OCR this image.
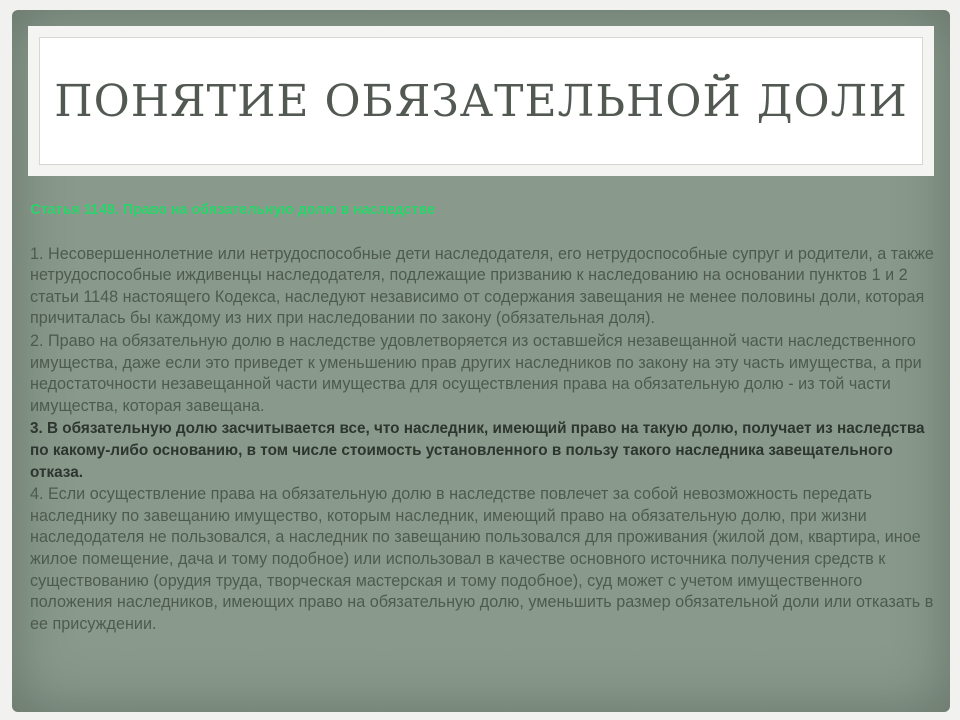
ПОНЯТИЕ ОБЯЗАТЕЛЬНОЙ ДОЛИ
Статья 1149. Право на обязательную долю в наследстве

1. Несовершеннолетние или нетрудоспособные дети наследодателя, его нетрудоспособные супруг и родители, а также нетрудоспособные иждивенцы наследодателя, подлежащие призванию к наследованию на основании пунктов 1 и 2 статьи 1148 настоящего Кодекса, наследуют независимо от содержания завещания не менее половины доли, которая причиталась бы каждому из них при наследовании по закону (обязательная доля).

2. Право на обязательную долю в наследстве удовлетворяется из оставшейся незавещанной части наследственного имущества, даже если это приведет к уменьшению прав других наследников по закону на эту часть имущества, а при недостаточности незавещанной части имущества для осуществления права на обязательную долю - из той части имущества, которая завещана.

3. В обязательную долю засчитывается все, что наследник, имеющий право на такую долю, получает из наследства по какому-либо основанию, в том числе стоимость установленного в пользу такого наследника завещательного отказа.

4. Если осуществление права на обязательную долю в наследстве повлечет за собой невозможность передать наследнику по завещанию имущество, которым наследник, имеющий право на обязательную долю, при жизни наследодателя не пользовался, а наследник по завещанию пользовался для проживания (жилой дом, квартира, иное жилое помещение, дача и тому подобное) или использовал в качестве основного источника получения средств к существованию (орудия труда, творческая мастерская и тому подобное), суд может с учетом имущественного положения наследников, имеющих право на обязательную долю, уменьшить размер обязательной доли или отказать в ее присуждении.
